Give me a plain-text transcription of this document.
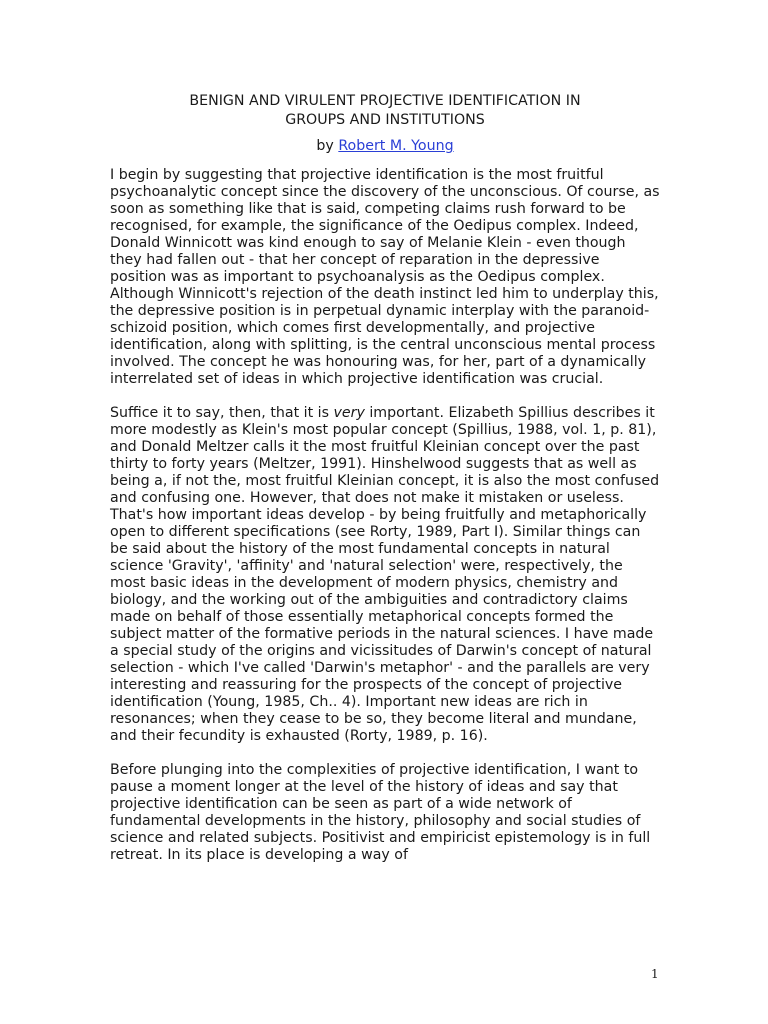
BENIGN AND VIRULENT PROJECTIVE IDENTIFICATION IN
GROUPS AND INSTITUTIONS
by Robert M. Young

I begin by suggesting that projective identification is the most fruitful psychoanalytic concept since the discovery of the unconscious. Of course, as soon as something like that is said, competing claims rush forward to be recognised, for example, the significance of the Oedipus complex. Indeed, Donald Winnicott was kind enough to say of Melanie Klein - even though they had fallen out - that her concept of reparation in the depressive position was as important to psychoanalysis as the Oedipus complex. Although Winnicott's rejection of the death instinct led him to underplay this, the depressive position is in perpetual dynamic interplay with the paranoid-schizoid position, which comes first developmentally, and projective identification, along with splitting, is the central unconscious mental process involved. The concept he was honouring was, for her, part of a dynamically interrelated set of ideas in which projective identification was crucial.

Suffice it to say, then, that it is very important. Elizabeth Spillius describes it more modestly as Klein's most popular concept (Spillius, 1988, vol. 1, p. 81), and Donald Meltzer calls it the most fruitful Kleinian concept over the past thirty to forty years (Meltzer, 1991). Hinshelwood suggests that as well as being a, if not the, most fruitful Kleinian concept, it is also the most confused and confusing one. However, that does not make it mistaken or useless. That's how important ideas develop - by being fruitfully and metaphorically open to different specifications (see Rorty, 1989, Part I). Similar things can be said about the history of the most fundamental concepts in natural science 'Gravity', 'affinity' and 'natural selection' were, respectively, the most basic ideas in the development of modern physics, chemistry and biology, and the working out of the ambiguities and contradictory claims made on behalf of those essentially metaphorical concepts formed the subject matter of the formative periods in the natural sciences. I have made a special study of the origins and vicissitudes of Darwin's concept of natural selection - which I've called 'Darwin's metaphor' - and the parallels are very interesting and reassuring for the prospects of the concept of projective identification (Young, 1985, Ch.. 4). Important new ideas are rich in resonances; when they cease to be so, they become literal and mundane, and their fecundity is exhausted (Rorty, 1989, p. 16).

Before plunging into the complexities of projective identification, I want to pause a moment longer at the level of the history of ideas and say that projective identification can be seen as part of a wide network of fundamental developments in the history, philosophy and social studies of science and related subjects. Positivist and empiricist epistemology is in full retreat. In its place is developing a way of

1
